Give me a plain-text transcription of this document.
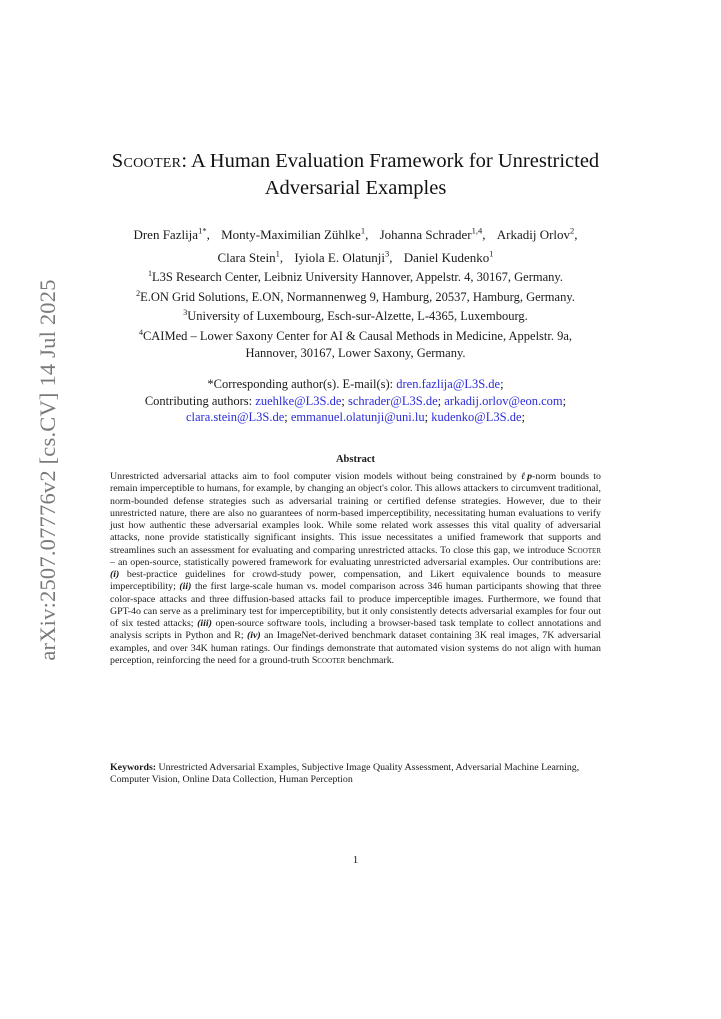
arXiv:2507.07776v2 [cs.CV] 14 Jul 2025
Scooter: A Human Evaluation Framework for Unrestricted
Adversarial Examples
Dren Fazlija$^{1*}$, Monty-Maximilian Zühlke$^1$, Johanna Schrader$^{1,4}$, Arkadij Orlov$^2$,
Clara Stein$^1$, Iyiola E. Olatunji$^3$, Daniel Kudenko$^1$
$^1$L3S Research Center, Leibniz University Hannover, Appelstr. 4, 30167, Germany.
$^2$E.ON Grid Solutions, E.ON, Normannenweg 9, Hamburg, 20537, Hamburg, Germany.
$^3$University of Luxembourg, Esch-sur-Alzette, L-4365, Luxembourg.
$^4$CAIMed – Lower Saxony Center for AI & Causal Methods in Medicine, Appelstr. 9a,
Hannover, 30167, Lower Saxony, Germany.
*Corresponding author(s). E-mail(s): dren.fazlija@L3S.de;
Contributing authors: zuehlke@L3S.de; schrader@L3S.de; arkadij.orlov@eon.com;
clara.stein@L3S.de; emmanuel.olatunji@uni.lu; kudenko@L3S.de;
Abstract
Unrestricted adversarial attacks aim to fool computer vision models without being constrained by ℓp-norm bounds to remain imperceptible to humans, for example, by changing an object's color. This allows attackers to circumvent traditional, norm-bounded defense strategies such as adversarial training or certified defense strategies. However, due to their unrestricted nature, there are also no guarantees of norm-based imperceptibility, necessitating human evaluations to verify just how authentic these adversarial examples look. While some related work assesses this vital quality of adversarial attacks, none provide statistically significant insights. This issue necessitates a unified framework that supports and streamlines such an assessment for evaluating and comparing unrestricted attacks. To close this gap, we introduce Scooter – an open-source, statistically powered framework for evaluating unrestricted adversarial examples. Our contributions are: (i) best-practice guidelines for crowd-study power, compensation, and Likert equivalence bounds to measure imperceptibility; (ii) the first large-scale human vs. model comparison across 346 human participants showing that three color-space attacks and three diffusion-based attacks fail to produce imperceptible images. Furthermore, we found that GPT-4o can serve as a preliminary test for imperceptibility, but it only consistently detects adversarial examples for four out of six tested attacks; (iii) open-source software tools, including a browser-based task template to collect annotations and analysis scripts in Python and R; (iv) an ImageNet-derived benchmark dataset containing 3K real images, 7K adversarial examples, and over 34K human ratings. Our findings demonstrate that automated vision systems do not align with human perception, reinforcing the need for a ground-truth Scooter benchmark.
Keywords: Unrestricted Adversarial Examples, Subjective Image Quality Assessment, Adversarial Machine Learning, Computer Vision, Online Data Collection, Human Perception
1
